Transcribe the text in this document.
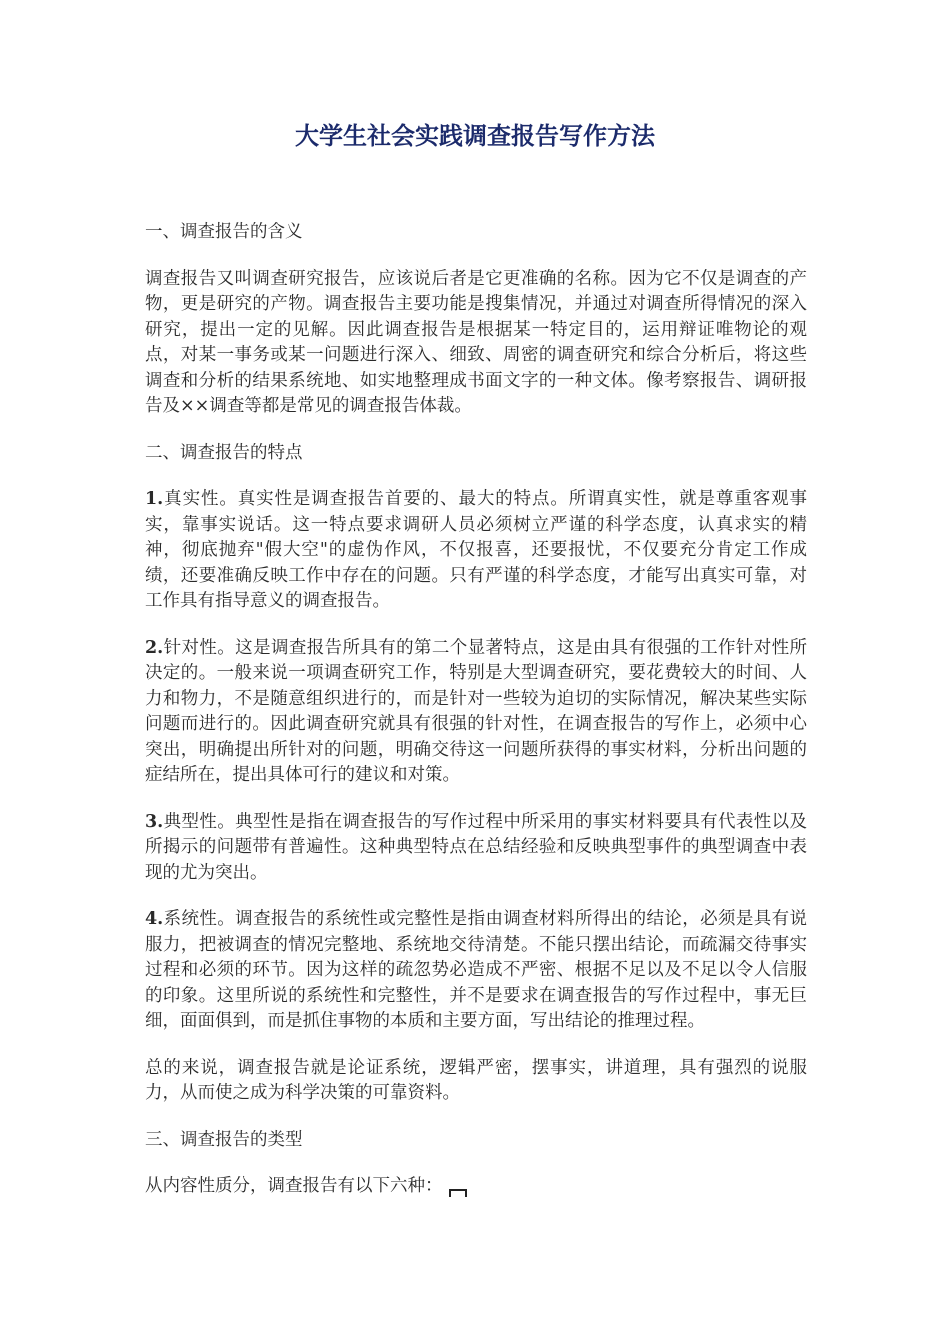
大学生社会实践调查报告写作方法

一、调查报告的含义

调查报告又叫调查研究报告，应该说后者是它更准确的名称。因为它不仅是调查的产物，更是研究的产物。调查报告主要功能是搜集情况，并通过对调查所得情况的深入研究，提出一定的见解。因此调查报告是根据某一特定目的，运用辩证唯物论的观点，对某一事务或某一问题进行深入、细致、周密的调查研究和综合分析后，将这些调查和分析的结果系统地、如实地整理成书面文字的一种文体。像考察报告、调研报告及××调查等都是常见的调查报告体裁。

二、调查报告的特点

1.真实性。真实性是调查报告首要的、最大的特点。所谓真实性，就是尊重客观事实，靠事实说话。这一特点要求调研人员必须树立严谨的科学态度，认真求实的精神，彻底抛弃"假大空"的虚伪作风，不仅报喜，还要报忧，不仅要充分肯定工作成绩，还要准确反映工作中存在的问题。只有严谨的科学态度，才能写出真实可靠，对工作具有指导意义的调查报告。

2.针对性。这是调查报告所具有的第二个显著特点，这是由具有很强的工作针对性所决定的。一般来说一项调查研究工作，特别是大型调查研究，要花费较大的时间、人力和物力，不是随意组织进行的，而是针对一些较为迫切的实际情况，解决某些实际问题而进行的。因此调查研究就具有很强的针对性，在调查报告的写作上，必须中心突出，明确提出所针对的问题，明确交待这一问题所获得的事实材料，分析出问题的症结所在，提出具体可行的建议和对策。

3.典型性。典型性是指在调查报告的写作过程中所采用的事实材料要具有代表性以及所揭示的问题带有普遍性。这种典型特点在总结经验和反映典型事件的典型调查中表现的尤为突出。

4.系统性。调查报告的系统性或完整性是指由调查材料所得出的结论，必须是具有说服力，把被调查的情况完整地、系统地交待清楚。不能只摆出结论，而疏漏交待事实过程和必须的环节。因为这样的疏忽势必造成不严密、根据不足以及不足以令人信服的印象。这里所说的系统性和完整性，并不是要求在调查报告的写作过程中，事无巨细，面面俱到，而是抓住事物的本质和主要方面，写出结论的推理过程。

总的来说，调查报告就是论证系统，逻辑严密，摆事实，讲道理，具有强烈的说服力，从而使之成为科学决策的可靠资料。

三、调查报告的类型

从内容性质分，调查报告有以下六种：
